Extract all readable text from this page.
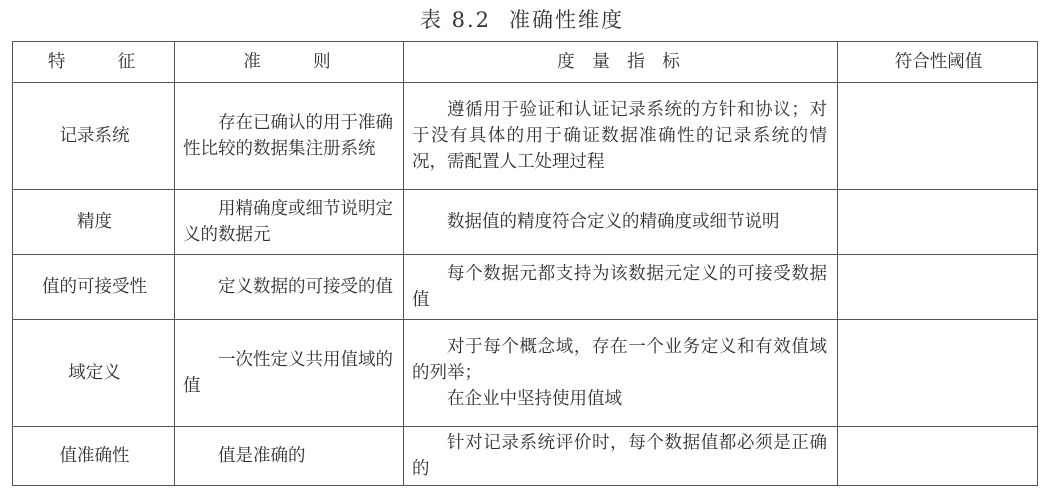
表 8.2 准确性维度
特    征	准    则	度 量 指 标	符合性阈值
记录系统	存在已确认的用于准确性比较的数据集注册系统	遵循用于验证和认证记录系统的方针和协议；对于没有具体的用于确证数据准确性的记录系统的情况，需配置人工处理过程	

精度	用精确度或细节说明定义的数据元	数据值的精度符合定义的精确度或细节说明	

值的可接受性	定义数据的可接受的值	每个数据元都支持为该数据元定义的可接受数据值	

域定义	一次性定义共用值域的值	对于每个概念域，存在一个业务定义和有效值域的列举；
在企业中坚持使用值域	

值准确性	值是准确的	针对记录系统评价时，每个数据值都必须是正确的	
